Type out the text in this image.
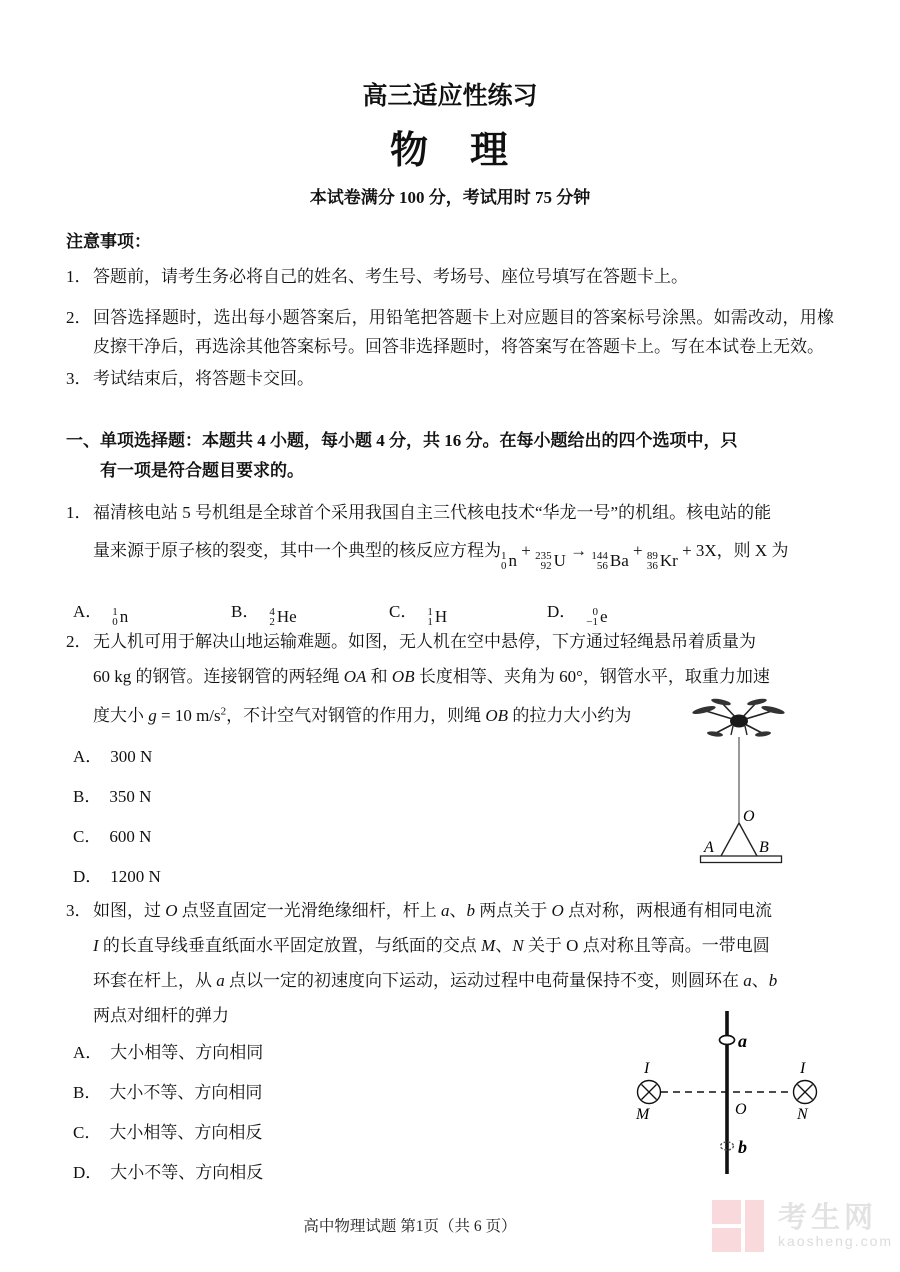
高三适应性练习
物　理
本试卷满分 100 分，考试用时 75 分钟
注意事项：
1． 答题前，请考生务必将自己的姓名、考生号、考场号、座位号填写在答题卡上。
2． 回答选择题时，选出每小题答案后，用铅笔把答题卡上对应题目的答案标号涂黑。如需改动，用橡皮擦干净后，再选涂其他答案标号。回答非选择题时，将答案写在答题卡上。写在本试卷上无效。
3． 考试结束后，将答题卡交回。
一、 单项选择题：本题共 4 小题，每小题 4 分，共 16 分。在每小题给出的四个选项中，只
有一项是符合题目要求的。
1． 福清核电站 5 号机组是全球首个采用我国自主三代核电技术“华龙一号”的机组。核电站的能
量来源于原子核的裂变，其中一个典型的核反应方程为 1
0 n
+ 235
92 U
→ 144
56 Ba
+ 89
36 Kr
+ 3X，则 X 为
A． 1
0 n	B． 4
2 He	C． 1
1 H	D． 0
−1 e
2． 无人机可用于解决山地运输难题。如图，无人机在空中悬停，下方通过轻绳悬吊着质量为
60 kg 的钢管。连接钢管的两轻绳 OA 和 OB 长度相等、夹角为 60°，钢管水平，取重力加速
度大小 g = 10 $m/s^2$，不计空气对钢管的作用力，则绳 OB 的拉力大小约为
A． 300 N
B． 350 N
C． 600 N
D． 1200 N
O
A	B
3． 如图，过 O 点竖直固定一光滑绝缘细杆，杆上 a、b 两点关于 O 点对称，两根通有相同电流
I 的长直导线垂直纸面水平固定放置，与纸面的交点 M、N 关于 O 点对称且等高。一带电圆
环套在杆上，从 a 点以一定的初速度向下运动，运动过程中电荷量保持不变，则圆环在 a、b
两点对细杆的弹力
A． 大小相等、方向相同
B． 大小不等、方向相同
C． 大小相等、方向相反
D． 大小不等、方向相反
I	I
M	N
O
a
b
高中物理试题 第1页（共 6 页）	考生网
kaosheng.com
